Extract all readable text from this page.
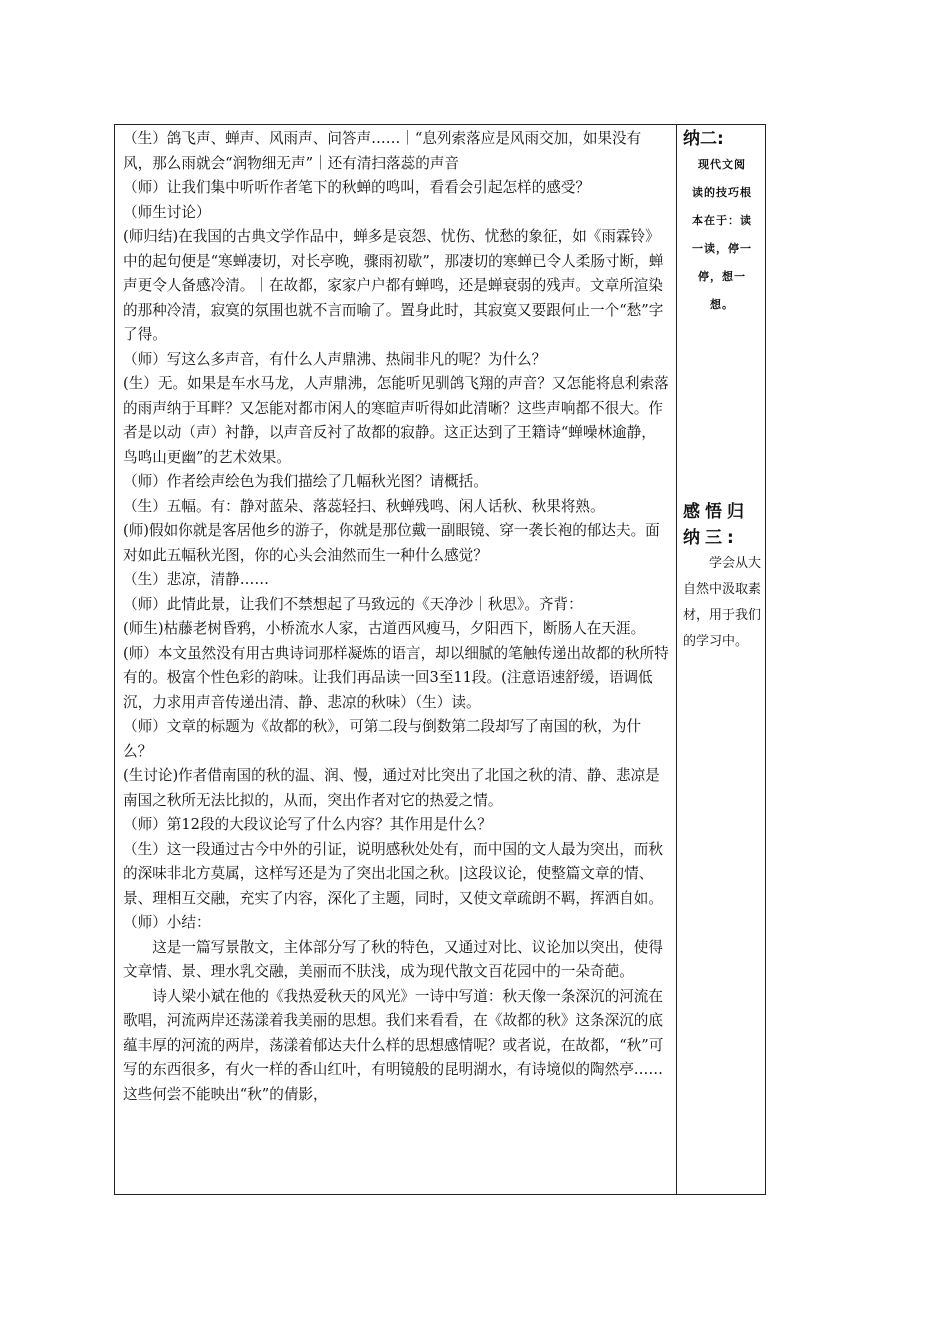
（生）鸽飞声、蝉声、风雨声、问答声……｜“息列索落应是风雨交加，如果没有风，那么雨就会“润物细无声”｜还有清扫落蕊的声音

（师）让我们集中听听作者笔下的秋蝉的鸣叫，看看会引起怎样的感受？

（师生讨论）

(师归结)在我国的古典文学作品中，蝉多是哀怨、忧伤、忧愁的象征，如《雨霖铃》中的起句便是“寒蝉凄切，对长亭晚，骤雨初歇”，那凄切的寒蝉已令人柔肠寸断，蝉声更令人备感冷清。｜在故都，家家户户都有蝉鸣，还是蝉衰弱的残声。文章所渲染的那种冷清，寂寞的氛围也就不言而喻了。置身此时，其寂寞又要跟何止一个“愁”字了得。

（师）写这么多声音，有什么人声鼎沸、热闹非凡的呢？为什么？

(生）无。如果是车水马龙，人声鼎沸，怎能听见驯鸽飞翔的声音？又怎能将息利索落的雨声纳于耳畔？又怎能对都市闲人的寒暄声听得如此清晰？这些声响都不很大。作者是以动（声）衬静，以声音反衬了故都的寂静。这正达到了王籍诗“蝉噪林逾静，鸟鸣山更幽”的艺术效果。

（师）作者绘声绘色为我们描绘了几幅秋光图？请概括。

（生）五幅。有：静对蓝朵、落蕊轻扫、秋蝉残鸣、闲人话秋、秋果将熟。

(师)假如你就是客居他乡的游子，你就是那位戴一副眼镜、穿一袭长袍的郁达夫。面对如此五幅秋光图，你的心头会油然而生一种什么感觉？

（生）悲凉，清静……

（师）此情此景，让我们不禁想起了马致远的《天净沙｜秋思》。齐背：

(师生)枯藤老树昏鸦，小桥流水人家，古道西风瘦马，夕阳西下，断肠人在天涯。

(师）本文虽然没有用古典诗词那样凝炼的语言，却以细腻的笔触传递出故都的秋所特有的。极富个性色彩的韵味。让我们再品读一回3至11段。(注意语速舒缓，语调低沉，力求用声音传递出清、静、悲凉的秋味）（生）读。

（师）文章的标题为《故都的秋》，可第二段与倒数第二段却写了南国的秋，为什么？

(生讨论)作者借南国的秋的温、润、慢，通过对比突出了北国之秋的清、静、悲凉是南国之秋所无法比拟的，从而，突出作者对它的热爱之情。

（师）第12段的大段议论写了什么内容？其作用是什么？

（生）这一段通过古今中外的引证，说明感秋处处有，而中国的文人最为突出，而秋的深味非北方莫属，这样写还是为了突出北国之秋。|这段议论，使整篇文章的情、景、理相互交融，充实了内容，深化了主题，同时，又使文章疏朗不羁，挥洒自如。

（师）小结：

这是一篇写景散文，主体部分写了秋的特色，又通过对比、议论加以突出，使得文章情、景、理水乳交融，美丽而不肤浅，成为现代散文百花园中的一朵奇葩。

诗人梁小斌在他的《我热爱秋天的风光》一诗中写道：秋天像一条深沉的河流在歌唱，河流两岸还荡漾着我美丽的思想。我们来看看，在《故都的秋》这条深沉的底蕴丰厚的河流的两岸，荡漾着郁达夫什么样的思想感情呢？或者说，在故都，“秋”可写的东西很多，有火一样的香山红叶，有明镜般的昆明湖水，有诗境似的陶然亭……这些何尝不能映出“秋”的倩影，

纳二:

现代文阅

读的技巧根

本在于：读

一读，停一

停，想一

想。

感悟归纳三:

学会从大自然中汲取素材，用于我们的学习中。
